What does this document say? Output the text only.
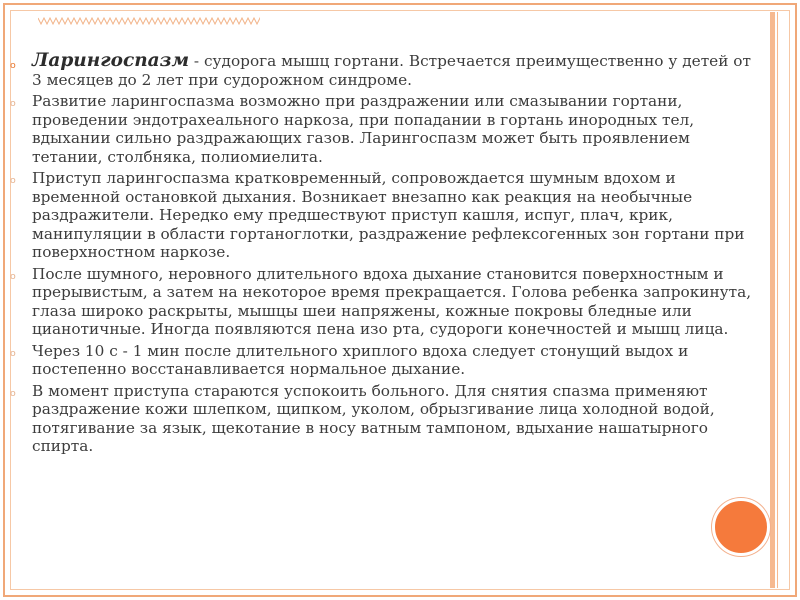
ₒ Ларингоспазм - судорога мышц гортани. Встречается преимущественно у детей от 3 месяцев до 2 лет при судорожном синдроме.
ₒ Развитие ларингоспазма возможно при раздражении или смазывании гортани, проведении эндотрахеального наркоза, при попадании в гортань инородных тел, вдыхании сильно раздражающих газов. Ларингоспазм может быть проявлением тетании, столбняка, полиомиелита.
ₒ Приступ ларингоспазма кратковременный, сопровождается шумным вдохом и временной остановкой дыхания. Возникает внезапно как реакция на необычные раздражители. Нередко ему предшествуют приступ кашля, испуг, плач, крик, манипуляции в области гортаноглотки, раздражение рефлексогенных зон гортани при поверхностном наркозе.
ₒ После шумного, неровного длительного вдоха дыхание становится поверхностным и прерывистым, а затем на некоторое время прекращается. Голова ребенка запрокинута, глаза широко раскрыты, мышцы шеи напряжены, кожные покровы бледные или цианотичные. Иногда появляются пена изо рта, судороги конечностей и мышц лица.
ₒ Через 10 с - 1 мин после длительного хриплого вдоха следует стонущий выдох и постепенно восстанавливается нормальное дыхание.
ₒ В момент приступа стараются успокоить больного. Для снятия спазма применяют раздражение кожи шлепком, щипком, уколом, обрызгивание лица холодной водой, потягивание за язык, щекотание в носу ватным тампоном, вдыхание нашатырного спирта.
